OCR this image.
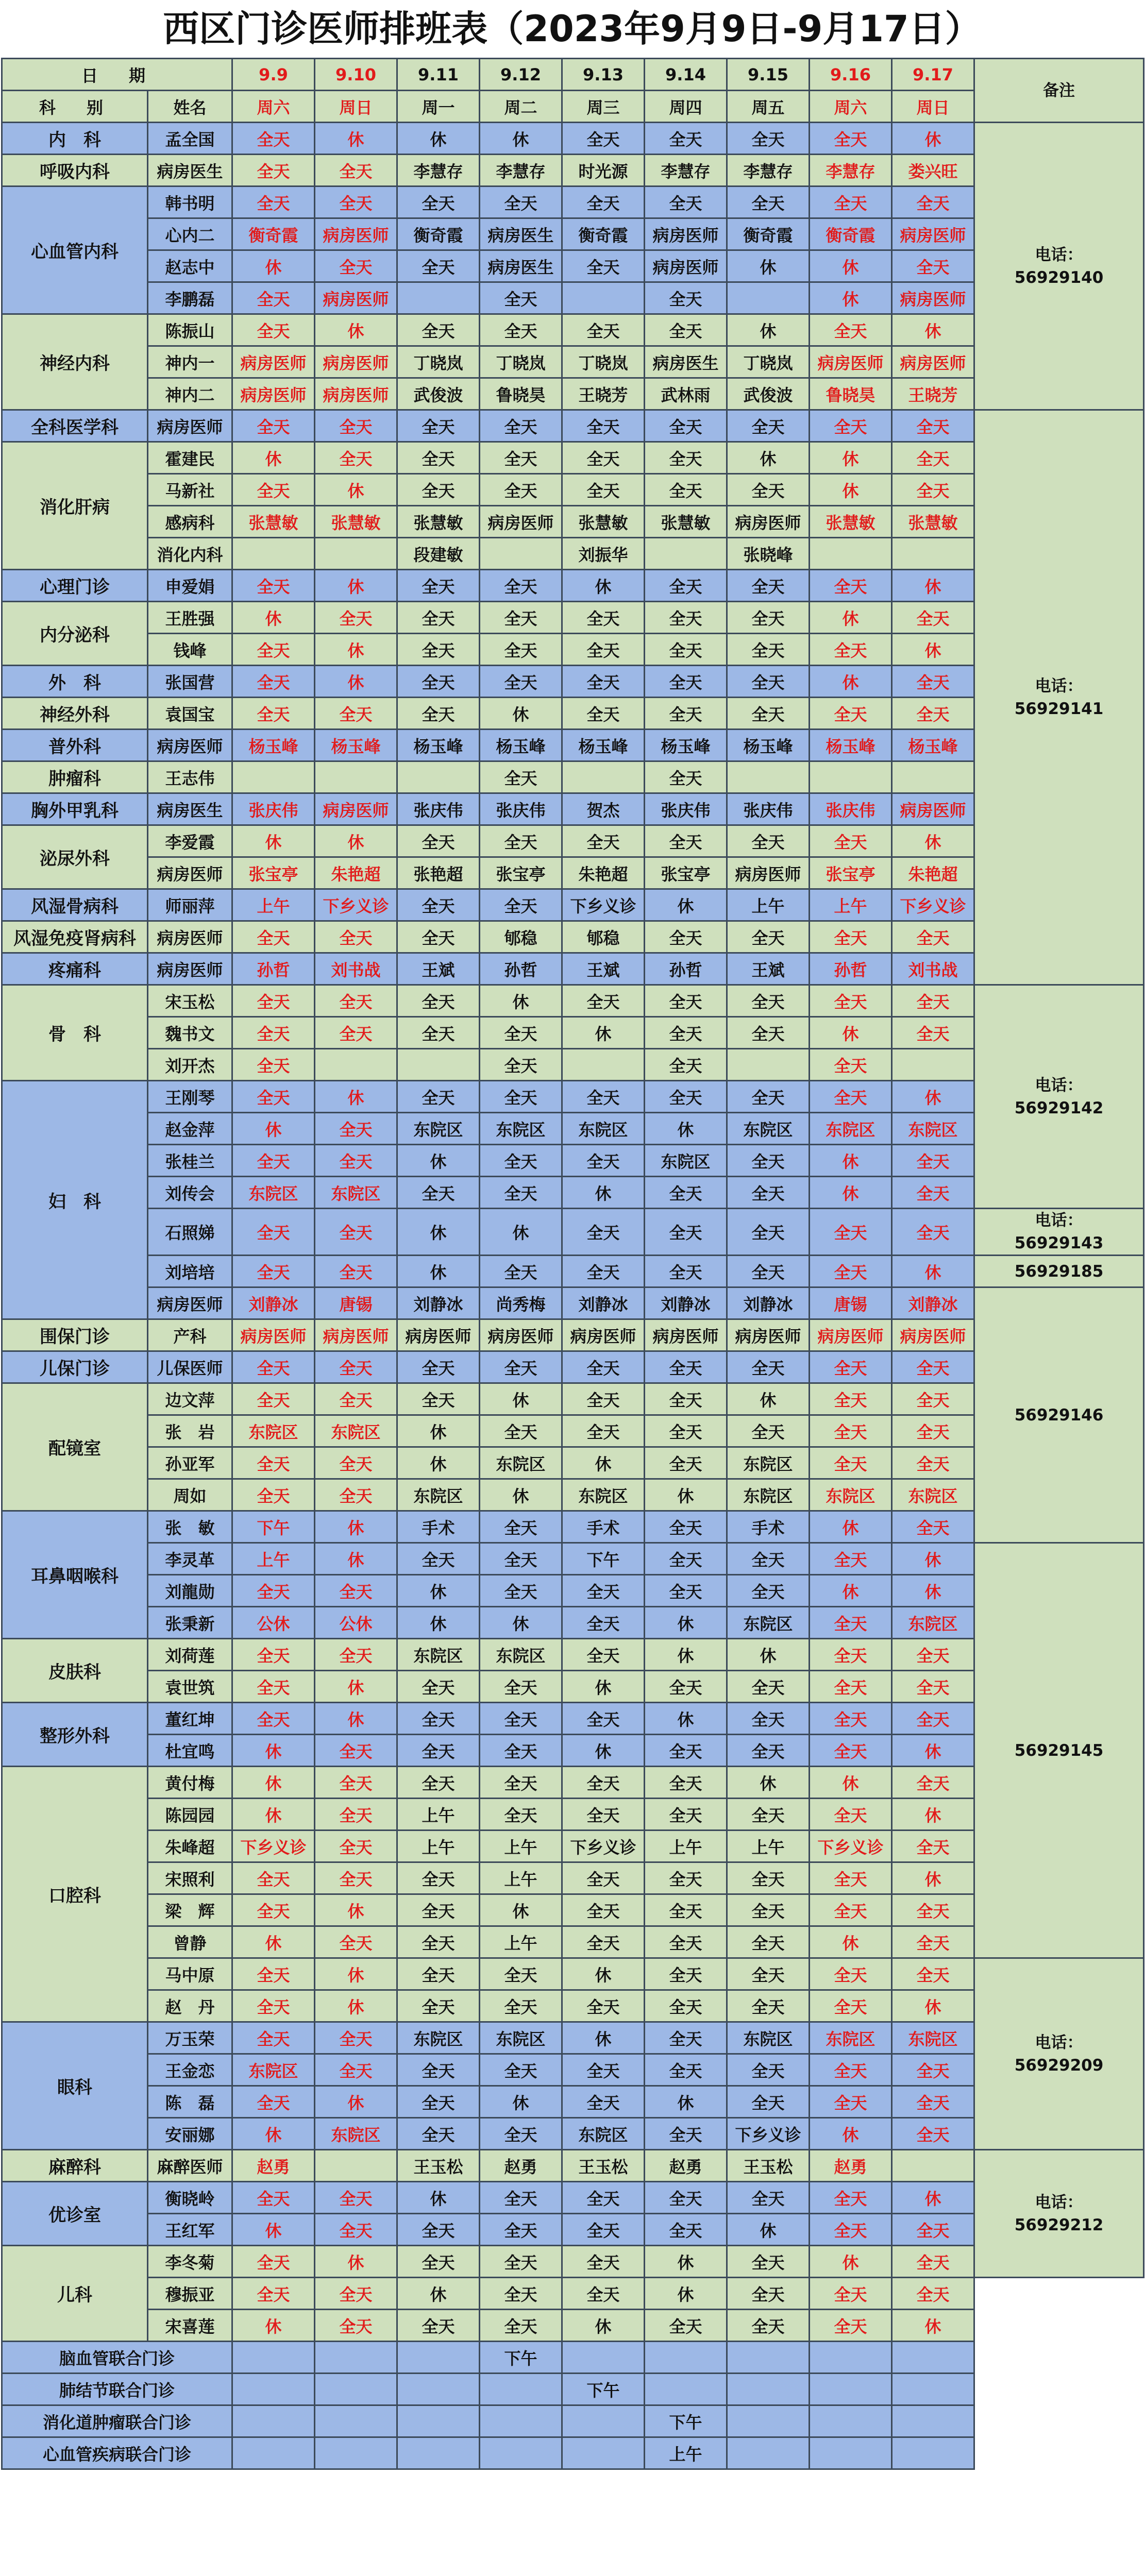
西区门诊医师排班表（2023年9月9日-9月17日）
日　期		9.9	9.10	9.11	9.12	9.13	9.14	9.15	9.16	9.17	备注
科　别	姓名	周六	周日	周一	周二	周三	周四	周五	周六	周日	
内　科	孟全国	全天	休	休	休	全天	全天	全天	全天	休	电话：
56929140
呼吸内科	病房医生	全天	全天	李慧存	李慧存	时光源	李慧存	李慧存	李慧存	娄兴旺	
心血管内科	韩书明	全天	全天	全天	全天	全天	全天	全天	全天	全天	
	心内二	衡奇霞	病房医师	衡奇霞	病房医生	衡奇霞	病房医师	衡奇霞	衡奇霞	病房医师	
	赵志中	休	全天	全天	病房医生	全天	病房医师	休	休	全天	
	李鹏磊	全天	病房医师		全天		全天		休	病房医师	
神经内科	陈振山	全天	休	全天	全天	全天	全天	休	全天	休	
	神内一	病房医师	病房医师	丁晓岚	丁晓岚	丁晓岚	病房医生	丁晓岚	病房医师	病房医师	
	神内二	病房医师	病房医师	武俊波	鲁晓昊	王晓芳	武林雨	武俊波	鲁晓昊	王晓芳	
全科医学科	病房医师	全天	全天	全天	全天	全天	全天	全天	全天	全天	电话：
56929141
消化肝病	霍建民	休	全天	全天	全天	全天	全天	休	休	全天	
	马新社	全天	休	全天	全天	全天	全天	全天	休	全天	
	感病科	张慧敏	张慧敏	张慧敏	病房医师	张慧敏	张慧敏	病房医师	张慧敏	张慧敏	
	消化内科			段建敏		刘振华		张晓峰			
心理门诊	申爱娟	全天	休	全天	全天	休	全天	全天	全天	休	
内分泌科	王胜强	休	全天	全天	全天	全天	全天	全天	休	全天	
	钱峰	全天	休	全天	全天	全天	全天	全天	全天	休	
外　科	张国营	全天	休	全天	全天	全天	全天	全天	休	全天	
神经外科	袁国宝	全天	全天	全天	休	全天	全天	全天	全天	全天	
普外科	病房医师	杨玉峰	杨玉峰	杨玉峰	杨玉峰	杨玉峰	杨玉峰	杨玉峰	杨玉峰	杨玉峰	
肿瘤科	王志伟				全天		全天				
胸外甲乳科	病房医生	张庆伟	病房医师	张庆伟	张庆伟	贺杰	张庆伟	张庆伟	张庆伟	病房医师	
泌尿外科	李爱霞	休	休	全天	全天	全天	全天	全天	全天	休	
	病房医师	张宝亭	朱艳超	张艳超	张宝亭	朱艳超	张宝亭	病房医师	张宝亭	朱艳超	
风湿骨病科	师丽萍	上午	下乡义诊	全天	全天	下乡义诊	休	上午	上午	下乡义诊	
风湿免疫肾病科	病房医师	全天	全天	全天	郇稳	郇稳	全天	全天	全天	全天	
疼痛科	病房医师	孙哲	刘书战	王斌	孙哲	王斌	孙哲	王斌	孙哲	刘书战	
骨　科	宋玉松	全天	全天	全天	休	全天	全天	全天	全天	全天	电话：
56929142
	魏书文	全天	全天	全天	全天	休	全天	全天	休	全天	
	刘开杰	全天			全天		全天		全天		
妇　科	王刚琴	全天	休	全天	全天	全天	全天	全天	全天	休	
	赵金萍	休	全天	东院区	东院区	东院区	休	东院区	东院区	东院区	
	张桂兰	全天	全天	休	全天	全天	东院区	全天	休	全天	
	刘传会	东院区	东院区	全天	全天	休	全天	全天	休	全天	
	石照娣	全天	全天	休	休	全天	全天	全天	全天	全天	电话：
56929143
	刘培培	全天	全天	休	全天	全天	全天	全天	全天	休	56929185
	病房医师	刘静冰	唐锡	刘静冰	尚秀梅	刘静冰	刘静冰	刘静冰	唐锡	刘静冰	56929146
围保门诊	产科	病房医师	病房医师	病房医师	病房医师	病房医师	病房医师	病房医师	病房医师	病房医师	
儿保门诊	儿保医师	全天	全天	全天	全天	全天	全天	全天	全天	全天	
配镜室	边文萍	全天	全天	全天	休	全天	全天	休	全天	全天	
	张　岩	东院区	东院区	休	全天	全天	全天	全天	全天	全天	
	孙亚军	全天	全天	休	东院区	休	全天	东院区	全天	全天	
	周如	全天	全天	东院区	休	东院区	休	东院区	东院区	东院区	
耳鼻咽喉科	张　敏	下午	休	手术	全天	手术	全天	手术	休	全天	
	李灵革	上午	休	全天	全天	下午	全天	全天	全天	休	56929145
	刘龍勋	全天	全天	休	全天	全天	全天	全天	休	休	
	张秉新	公休	公休	休	休	全天	休	东院区	全天	东院区	
皮肤科	刘荷莲	全天	全天	东院区	东院区	全天	休	休	全天	全天	
	袁世筑	全天	休	全天	全天	休	全天	全天	全天	全天	
整形外科	董红坤	全天	休	全天	全天	全天	休	全天	全天	全天	
	杜宜鸣	休	全天	全天	全天	休	全天	全天	全天	休	
口腔科	黄付梅	休	全天	全天	全天	全天	全天	休	休	全天	
	陈园园	休	全天	上午	全天	全天	全天	全天	全天	休	
	朱峰超	下乡义诊	全天	上午	上午	下乡义诊	上午	上午	下乡义诊	全天	
	宋照利	全天	全天	全天	上午	全天	全天	全天	全天	休	
	梁　辉	全天	休	全天	休	全天	全天	全天	全天	全天	
	曾静	休	全天	全天	上午	全天	全天	全天	休	全天	
	马中原	全天	休	全天	全天	休	全天	全天	全天	全天	电话：
56929209
	赵　丹	全天	休	全天	全天	全天	全天	全天	全天	休	
眼科	万玉荣	全天	全天	东院区	东院区	休	全天	东院区	东院区	东院区	
	王金恋	东院区	全天	全天	全天	全天	全天	全天	全天	全天	
	陈　磊	全天	休	全天	休	全天	休	全天	全天	全天	
	安丽娜	休	东院区	全天	全天	东院区	全天	下乡义诊	休	全天	
麻醉科	麻醉医师	赵勇		王玉松	赵勇	王玉松	赵勇	王玉松	赵勇		电话：
56929212
优诊室	衡晓岭	全天	全天	休	全天	全天	全天	全天	全天	休	
	王红军	休	全天	全天	全天	全天	全天	休	全天	全天	
儿科	李冬菊	全天	休	全天	全天	全天	休	全天	休	全天	
	穆振亚	全天	全天	休	全天	全天	休	全天	全天	全天	
	宋喜莲	休	全天	全天	全天	休	全天	全天	全天	休	
脑血管联合门诊					下午						
肺结节联合门诊						下午					
消化道肿瘤联合门诊							下午				
心血管疾病联合门诊							上午				
